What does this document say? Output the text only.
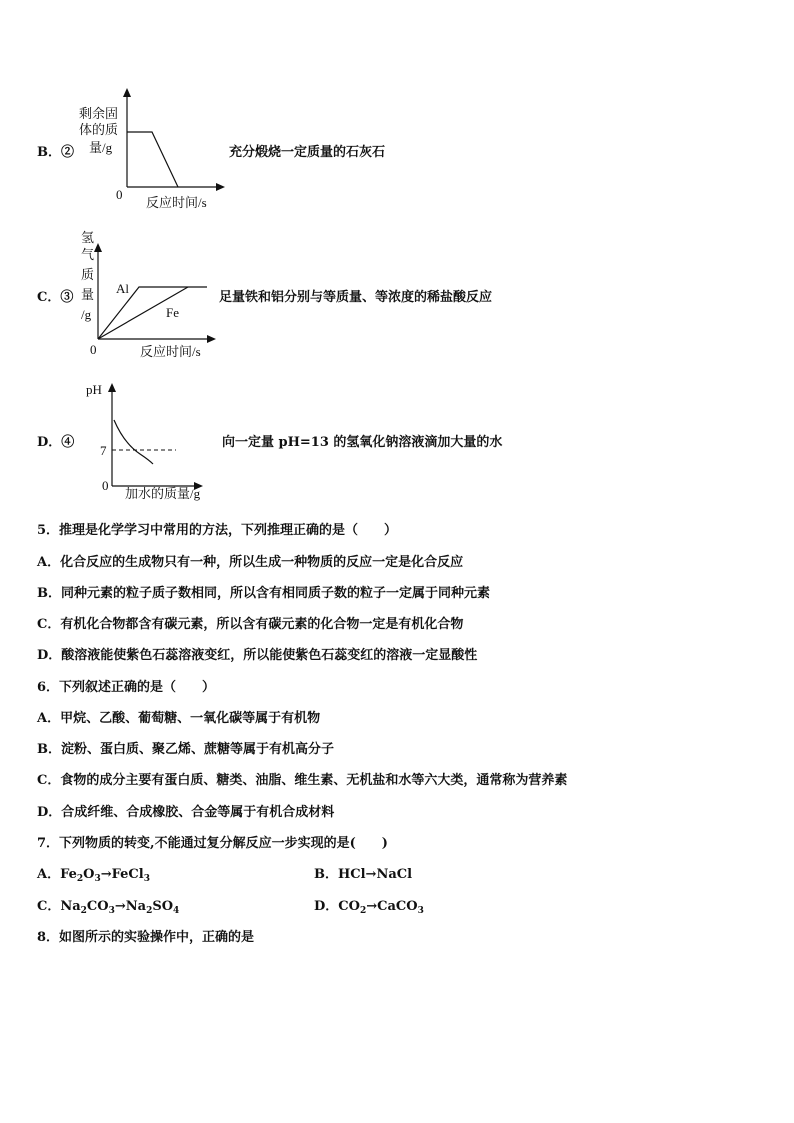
B．②
剩余固
体的质
量/g
0
反应时间/s
充分煅烧一定质量的石灰石
C．③
氢
气
质
量
/g
Al
Fe
0	反应时间/s
足量铁和铝分别与等质量、等浓度的稀盐酸反应
D．④
pH
7
0
加水的质量/g
向一定量 pH=13 的氢氧化钠溶液滴加大量的水
5．推理是化学学习中常用的方法，下列推理正确的是（　　）
A．化合反应的生成物只有一种，所以生成一种物质的反应一定是化合反应
B．同种元素的粒子质子数相同，所以含有相同质子数的粒子一定属于同种元素
C．有机化合物都含有碳元素，所以含有碳元素的化合物一定是有机化合物
D．酸溶液能使紫色石蕊溶液变红，所以能使紫色石蕊变红的溶液一定显酸性
6．下列叙述正确的是（　　）
A．甲烷、乙酸、葡萄糖、一氧化碳等属于有机物
B．淀粉、蛋白质、聚乙烯、蔗糖等属于有机高分子
C．食物的成分主要有蛋白质、糖类、油脂、维生素、无机盐和水等六大类，通常称为营养素
D．合成纤维、合成橡胶、合金等属于有机合成材料
7．下列物质的转变,不能通过复分解反应一步实现的是(　　)
A．$Fe_2O_3\to FeCl_3$	B．HCl→NaCl
C．$Na_2CO_3\to Na_2SO_4$	D．$CO_2\to CaCO_3$
8．如图所示的实验操作中，正确的是
